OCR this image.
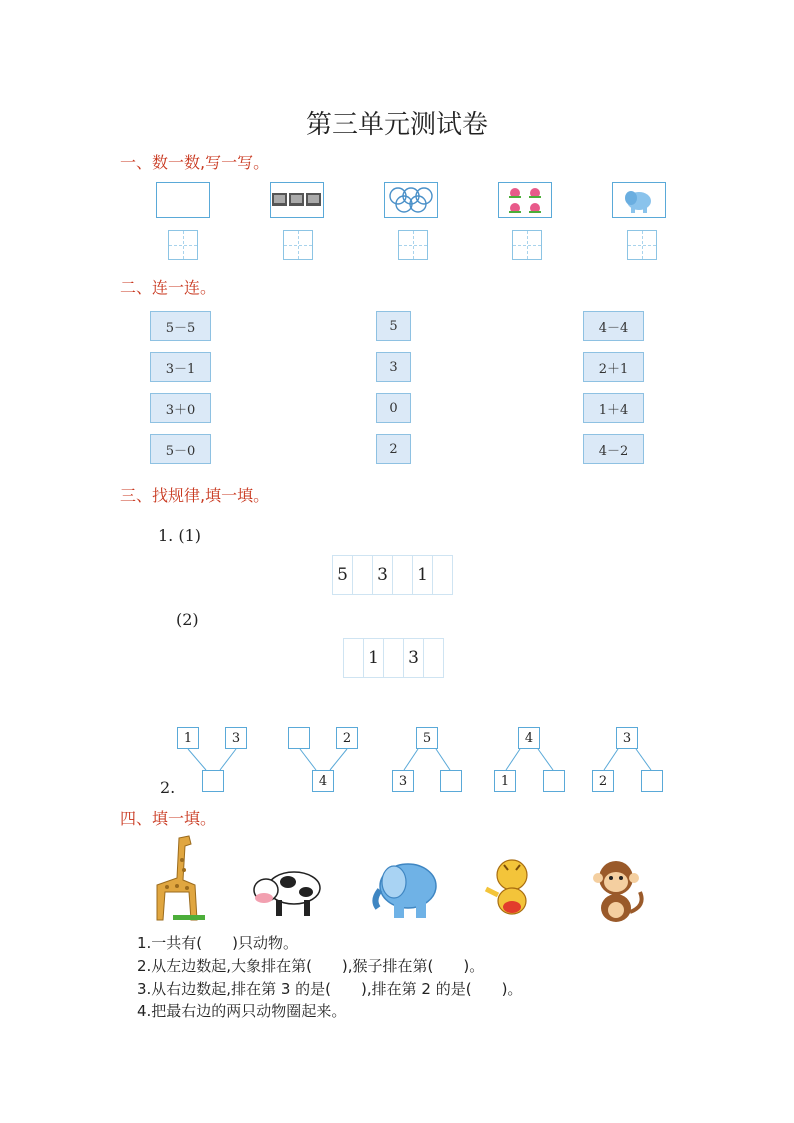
第三单元测试卷
一、数一数,写一写。
二、连一连。
5－5
3－1
3＋0
5－0
5
3
0
2
4－4
2＋1
1＋4
4－2
三、找规律,填一填。
1. (1)
5 3 1
(2)
1 3
1	3	2
4
5
3
4
1
3
2
2.
四、填一填。
1.一共有(　　)只动物。
2.从左边数起,大象排在第(　　),猴子排在第(　　)。
3.从右边数起,排在第 3 的是(　　),排在第 2 的是(　　)。
4.把最右边的两只动物圈起来。
